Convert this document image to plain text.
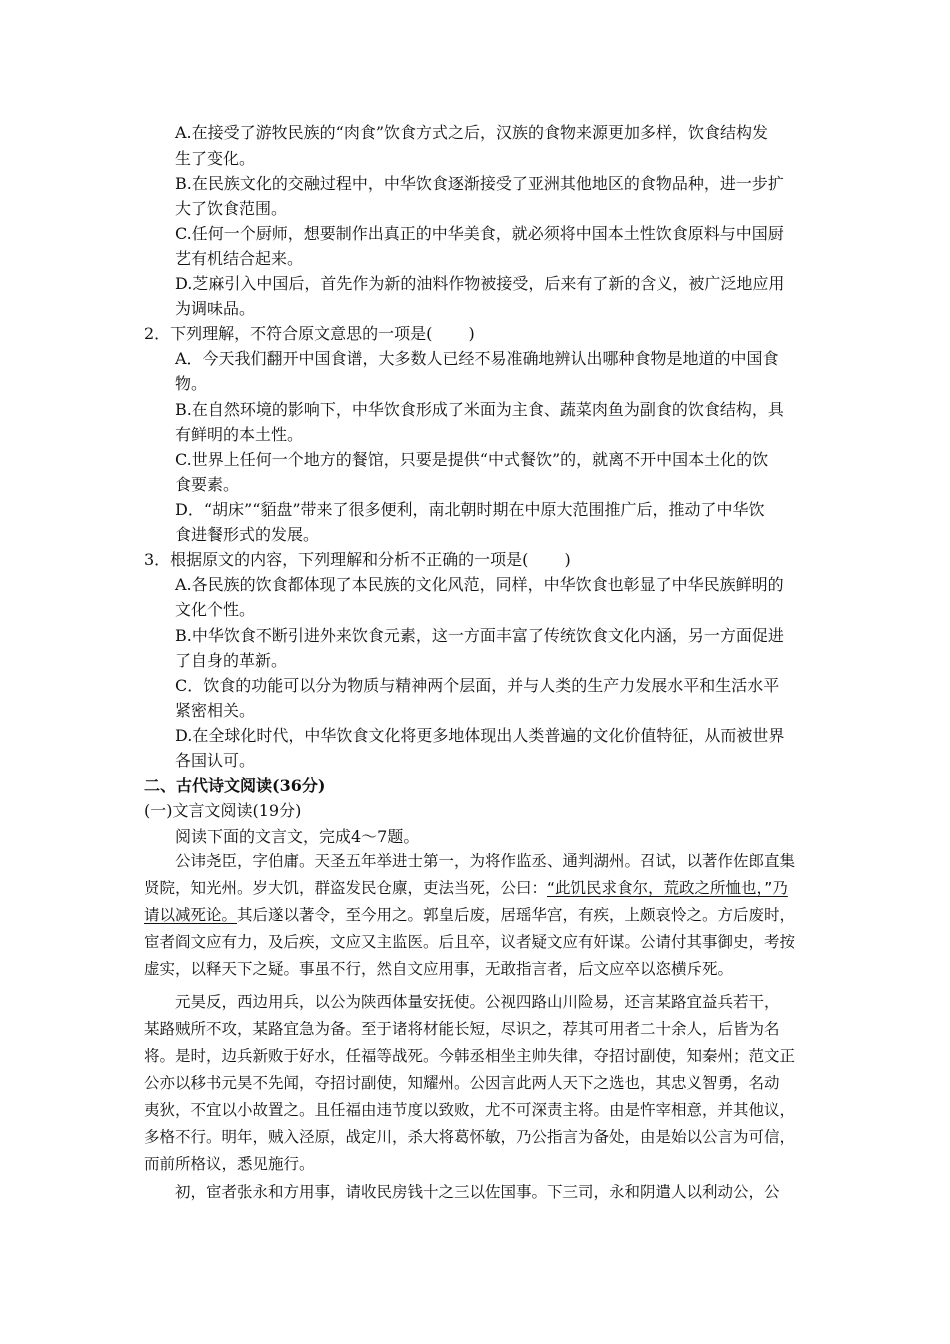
A.在接受了游牧民族的“肉食”饮食方式之后，汉族的食物来源更加多样，饮食结构发
生了变化。
B.在民族文化的交融过程中，中华饮食逐渐接受了亚洲其他地区的食物品种，进一步扩
大了饮食范围。
C.任何一个厨师，想要制作出真正的中华美食，就必须将中国本土性饮食原料与中国厨
艺有机结合起来。
D.芝麻引入中国后，首先作为新的油料作物被接受，后来有了新的含义，被广泛地应用
为调味品。
2．下列理解，不符合原文意思的一项是( )
A．今天我们翻开中国食谱，大多数人已经不易准确地辨认出哪种食物是地道的中国食
物。
B.在自然环境的影响下，中华饮食形成了米面为主食、蔬菜肉鱼为副食的饮食结构，具
有鲜明的本土性。
C.世界上任何一个地方的餐馆，只要是提供“中式餐饮”的，就离不开中国本土化的饮
食要素。
D．“胡床”“貊盘”带来了很多便利，南北朝时期在中原大范围推广后，推动了中华饮
食进餐形式的发展。
3．根据原文的内容，下列理解和分析不正确的一项是( )
A.各民族的饮食都体现了本民族的文化风范，同样，中华饮食也彰显了中华民族鲜明的
文化个性。
B.中华饮食不断引进外来饮食元素，这一方面丰富了传统饮食文化内涵，另一方面促进
了自身的革新。
C．饮食的功能可以分为物质与精神两个层面，并与人类的生产力发展水平和生活水平
紧密相关。
D.在全球化时代，中华饮食文化将更多地体现出人类普遍的文化价值特征，从而被世界
各国认可。
二、古代诗文阅读(36分)
(一)文言文阅读(19分)
阅读下面的文言文，完成4～7题。
公讳尧臣，字伯庸。天圣五年举进士第一，为将作监丞、通判湖州。召试，以著作佐郎直集
贤院，知光州。岁大饥，群盗发民仓廪，吏法当死，公曰：“此饥民求食尔，荒政之所恤也，”乃
请以减死论。其后遂以著令，至今用之。郭皇后废，居瑶华宫，有疾，上颇哀怜之。方后废时，
宦者阎文应有力，及后疾，文应又主监医。后且卒，议者疑文应有奸谋。公请付其事御史，考按
虚实，以释天下之疑。事虽不行，然自文应用事，无敢指言者，后文应卒以恣横斥死。
元昊反，西边用兵，以公为陕西体量安抚使。公视四路山川险易，还言某路宜益兵若干，
某路贼所不攻，某路宜急为备。至于诸将材能长短，尽识之，荐其可用者二十余人，后皆为名
将。是时，边兵新败于好水，任福等战死。今韩丞相坐主帅失律，夺招讨副使，知秦州；范文正
公亦以移书元昊不先闻，夺招讨副使，知耀州。公因言此两人天下之选也，其忠义智勇，名动
夷狄，不宜以小故置之。且任福由违节度以致败，尤不可深责主将。由是忤宰相意，并其他议，
多格不行。明年，贼入泾原，战定川，杀大将葛怀敏，乃公指言为备处，由是始以公言为可信，
而前所格议，悉见施行。
初，宦者张永和方用事，请收民房钱十之三以佐国事。下三司，永和阴遣人以利动公，公
